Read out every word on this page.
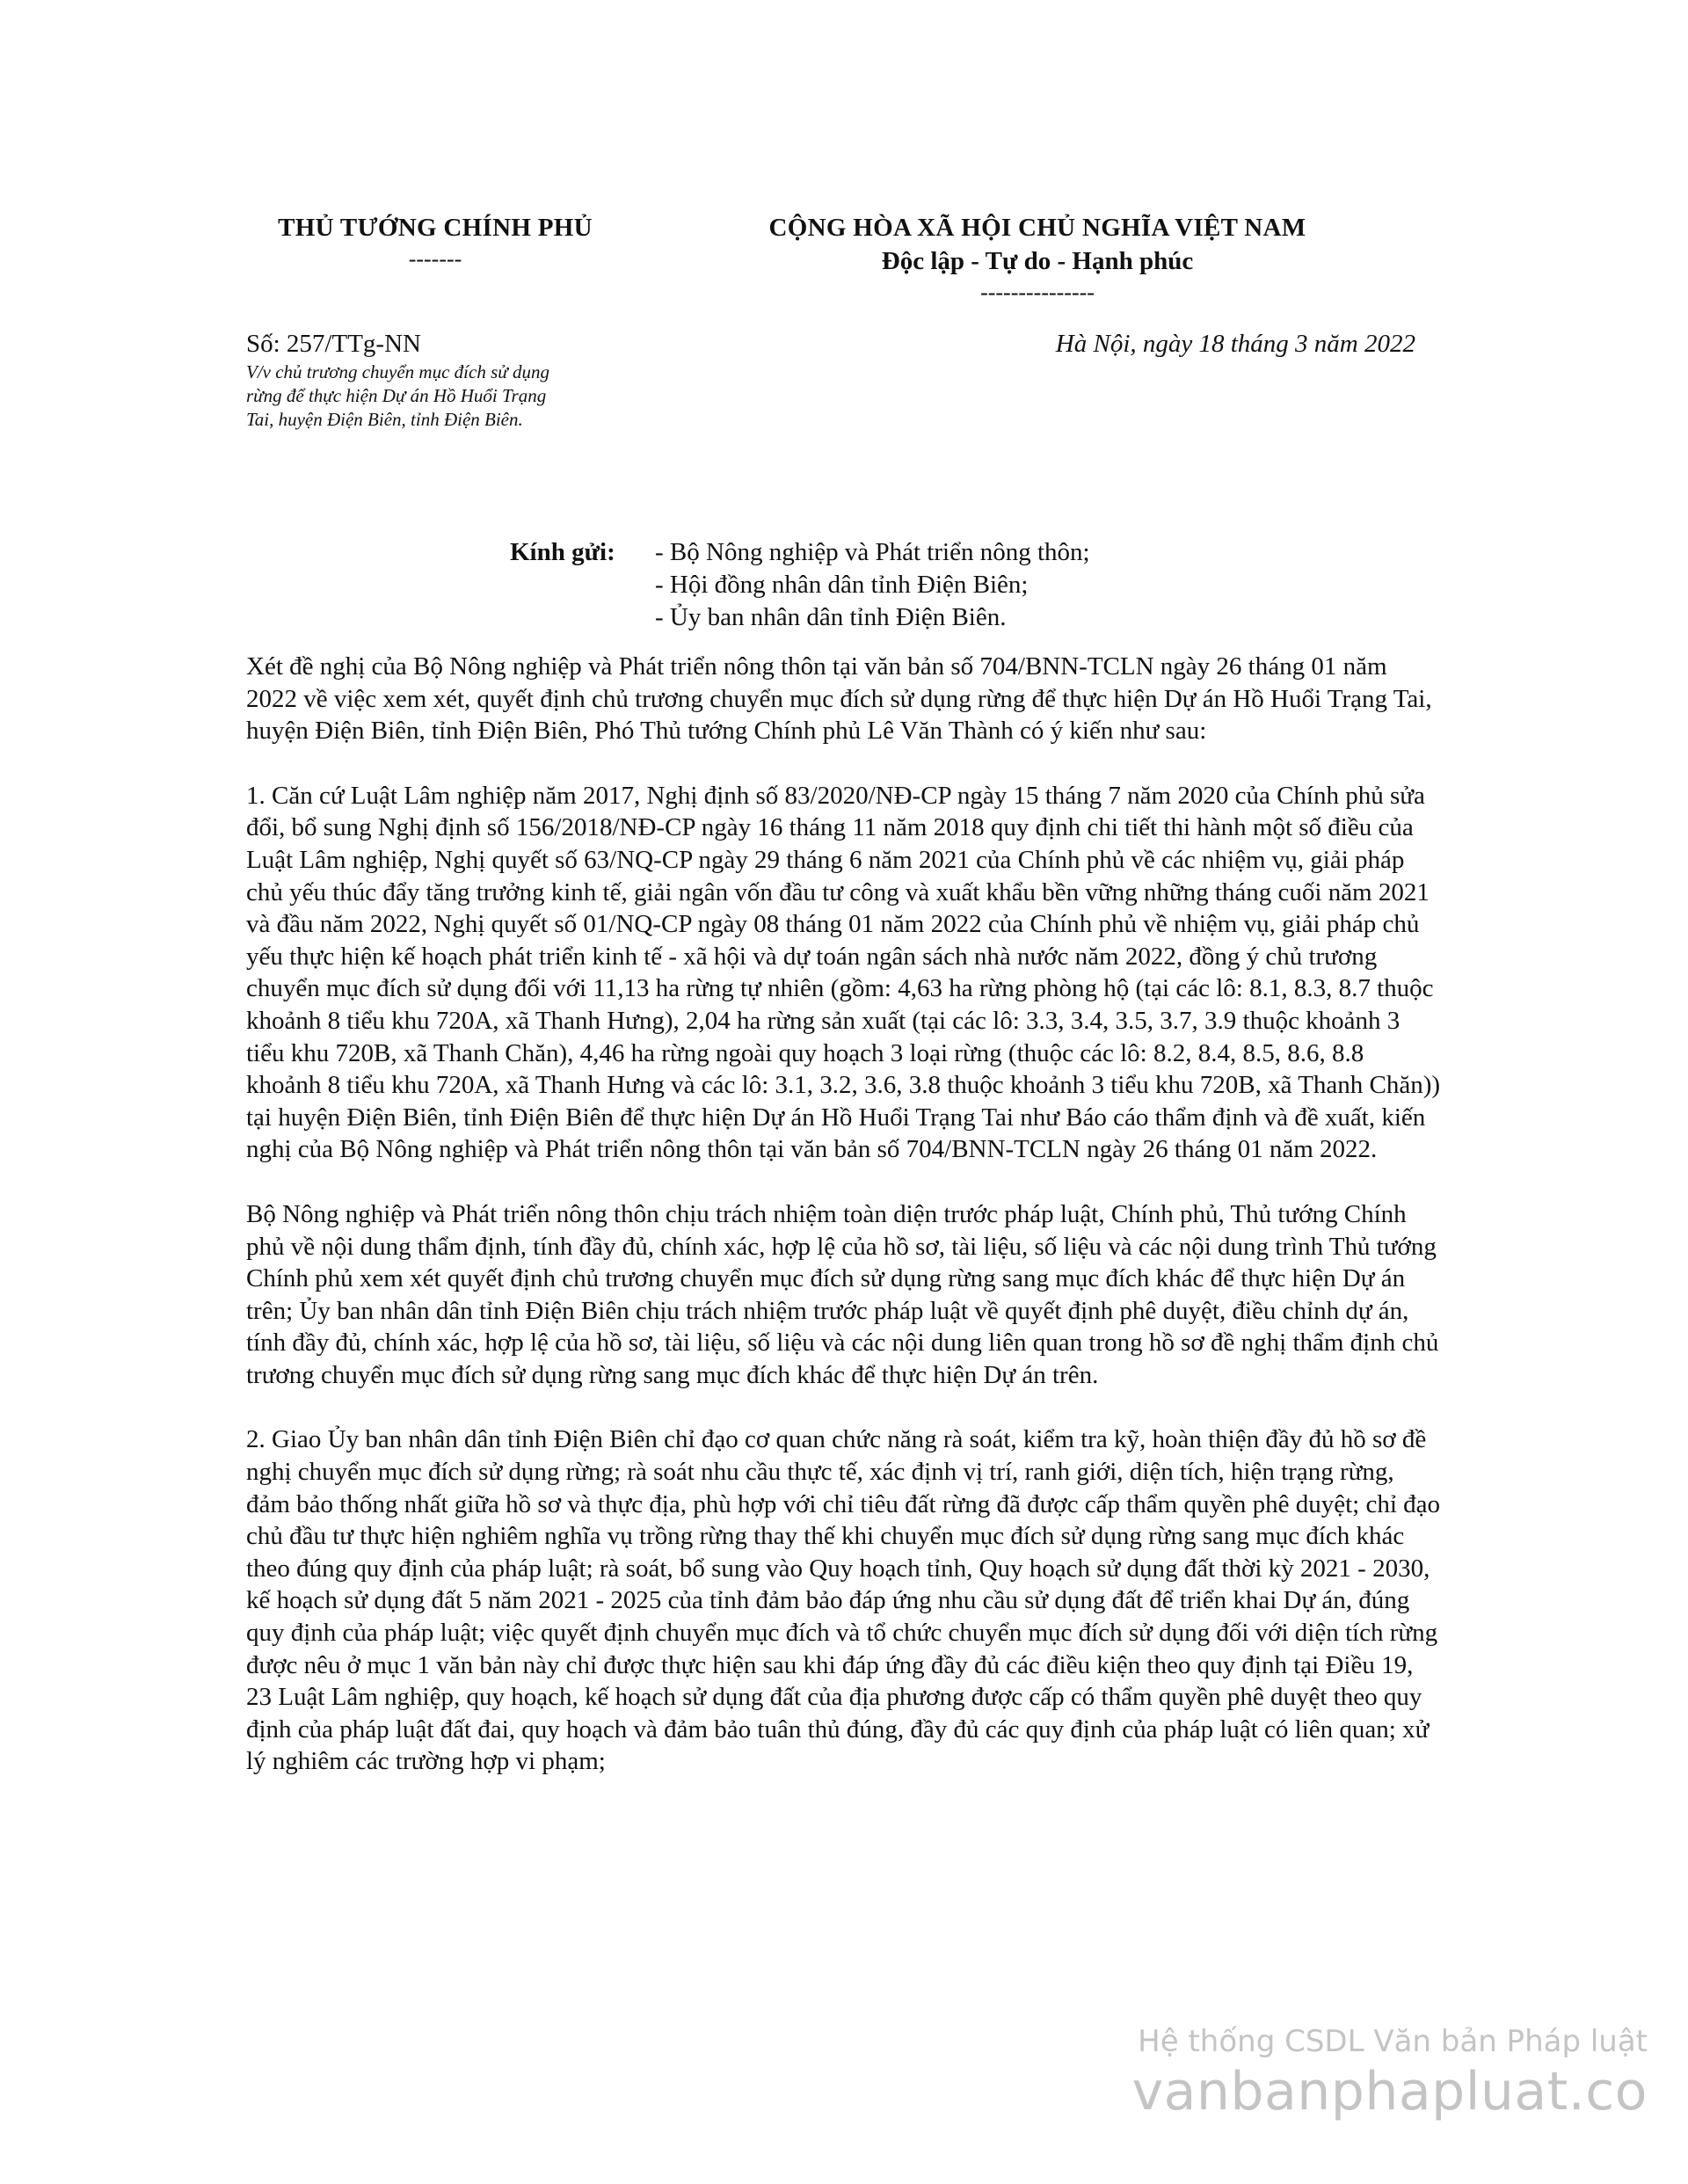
THỦ TƯỚNG CHÍNH PHỦ
-------
CỘNG HÒA XÃ HỘI CHỦ NGHĨA VIỆT NAM
Độc lập - Tự do - Hạnh phúc
---------------
Số: 257/TTg-NN
V/v chủ trương chuyển mục đích sử dụng
rừng để thực hiện Dự án Hồ Huổi Trạng
Tai, huyện Điện Biên, tỉnh Điện Biên.
Hà Nội, ngày 18 tháng 3 năm 2022
Kính gửi: - Bộ Nông nghiệp và Phát triển nông thôn;
- Hội đồng nhân dân tỉnh Điện Biên;
- Ủy ban nhân dân tỉnh Điện Biên.

Xét đề nghị của Bộ Nông nghiệp và Phát triển nông thôn tại văn bản số 704/BNN-TCLN ngày 26 tháng 01 năm 2022 về việc xem xét, quyết định chủ trương chuyển mục đích sử dụng rừng để thực hiện Dự án Hồ Huổi Trạng Tai, huyện Điện Biên, tỉnh Điện Biên, Phó Thủ tướng Chính phủ Lê Văn Thành có ý kiến như sau:

1. Căn cứ Luật Lâm nghiệp năm 2017, Nghị định số 83/2020/NĐ-CP ngày 15 tháng 7 năm 2020 của Chính phủ sửa đổi, bổ sung Nghị định số 156/2018/NĐ-CP ngày 16 tháng 11 năm 2018 quy định chi tiết thi hành một số điều của Luật Lâm nghiệp, Nghị quyết số 63/NQ-CP ngày 29 tháng 6 năm 2021 của Chính phủ về các nhiệm vụ, giải pháp chủ yếu thúc đẩy tăng trưởng kinh tế, giải ngân vốn đầu tư công và xuất khẩu bền vững những tháng cuối năm 2021 và đầu năm 2022, Nghị quyết số 01/NQ-CP ngày 08 tháng 01 năm 2022 của Chính phủ về nhiệm vụ, giải pháp chủ yếu thực hiện kế hoạch phát triển kinh tế - xã hội và dự toán ngân sách nhà nước năm 2022, đồng ý chủ trương chuyển mục đích sử dụng đối với 11,13 ha rừng tự nhiên (gồm: 4,63 ha rừng phòng hộ (tại các lô: 8.1, 8.3, 8.7 thuộc khoảnh 8 tiểu khu 720A, xã Thanh Hưng), 2,04 ha rừng sản xuất (tại các lô: 3.3, 3.4, 3.5, 3.7, 3.9 thuộc khoảnh 3 tiểu khu 720B, xã Thanh Chăn), 4,46 ha rừng ngoài quy hoạch 3 loại rừng (thuộc các lô: 8.2, 8.4, 8.5, 8.6, 8.8 khoảnh 8 tiểu khu 720A, xã Thanh Hưng và các lô: 3.1, 3.2, 3.6, 3.8 thuộc khoảnh 3 tiểu khu 720B, xã Thanh Chăn)) tại huyện Điện Biên, tỉnh Điện Biên để thực hiện Dự án Hồ Huổi Trạng Tai như Báo cáo thẩm định và đề xuất, kiến nghị của Bộ Nông nghiệp và Phát triển nông thôn tại văn bản số 704/BNN-TCLN ngày 26 tháng 01 năm 2022.

Bộ Nông nghiệp và Phát triển nông thôn chịu trách nhiệm toàn diện trước pháp luật, Chính phủ, Thủ tướng Chính phủ về nội dung thẩm định, tính đầy đủ, chính xác, hợp lệ của hồ sơ, tài liệu, số liệu và các nội dung trình Thủ tướng Chính phủ xem xét quyết định chủ trương chuyển mục đích sử dụng rừng sang mục đích khác để thực hiện Dự án trên; Ủy ban nhân dân tỉnh Điện Biên chịu trách nhiệm trước pháp luật về quyết định phê duyệt, điều chỉnh dự án, tính đầy đủ, chính xác, hợp lệ của hồ sơ, tài liệu, số liệu và các nội dung liên quan trong hồ sơ đề nghị thẩm định chủ trương chuyển mục đích sử dụng rừng sang mục đích khác để thực hiện Dự án trên.

2. Giao Ủy ban nhân dân tỉnh Điện Biên chỉ đạo cơ quan chức năng rà soát, kiểm tra kỹ, hoàn thiện đầy đủ hồ sơ đề nghị chuyển mục đích sử dụng rừng; rà soát nhu cầu thực tế, xác định vị trí, ranh giới, diện tích, hiện trạng rừng, đảm bảo thống nhất giữa hồ sơ và thực địa, phù hợp với chỉ tiêu đất rừng đã được cấp thẩm quyền phê duyệt; chỉ đạo chủ đầu tư thực hiện nghiêm nghĩa vụ trồng rừng thay thế khi chuyển mục đích sử dụng rừng sang mục đích khác theo đúng quy định của pháp luật; rà soát, bổ sung vào Quy hoạch tỉnh, Quy hoạch sử dụng đất thời kỳ 2021 - 2030, kế hoạch sử dụng đất 5 năm 2021 - 2025 của tỉnh đảm bảo đáp ứng nhu cầu sử dụng đất để triển khai Dự án, đúng quy định của pháp luật; việc quyết định chuyển mục đích và tổ chức chuyển mục đích sử dụng đối với diện tích rừng được nêu ở mục 1 văn bản này chỉ được thực hiện sau khi đáp ứng đầy đủ các điều kiện theo quy định tại Điều 19, 23 Luật Lâm nghiệp, quy hoạch, kế hoạch sử dụng đất của địa phương được cấp có thẩm quyền phê duyệt theo quy định của pháp luật đất đai, quy hoạch và đảm bảo tuân thủ đúng, đầy đủ các quy định của pháp luật có liên quan; xử lý nghiêm các trường hợp vi phạm;

Hệ thống CSDL Văn bản Pháp luật
vanbanphapluat.co
